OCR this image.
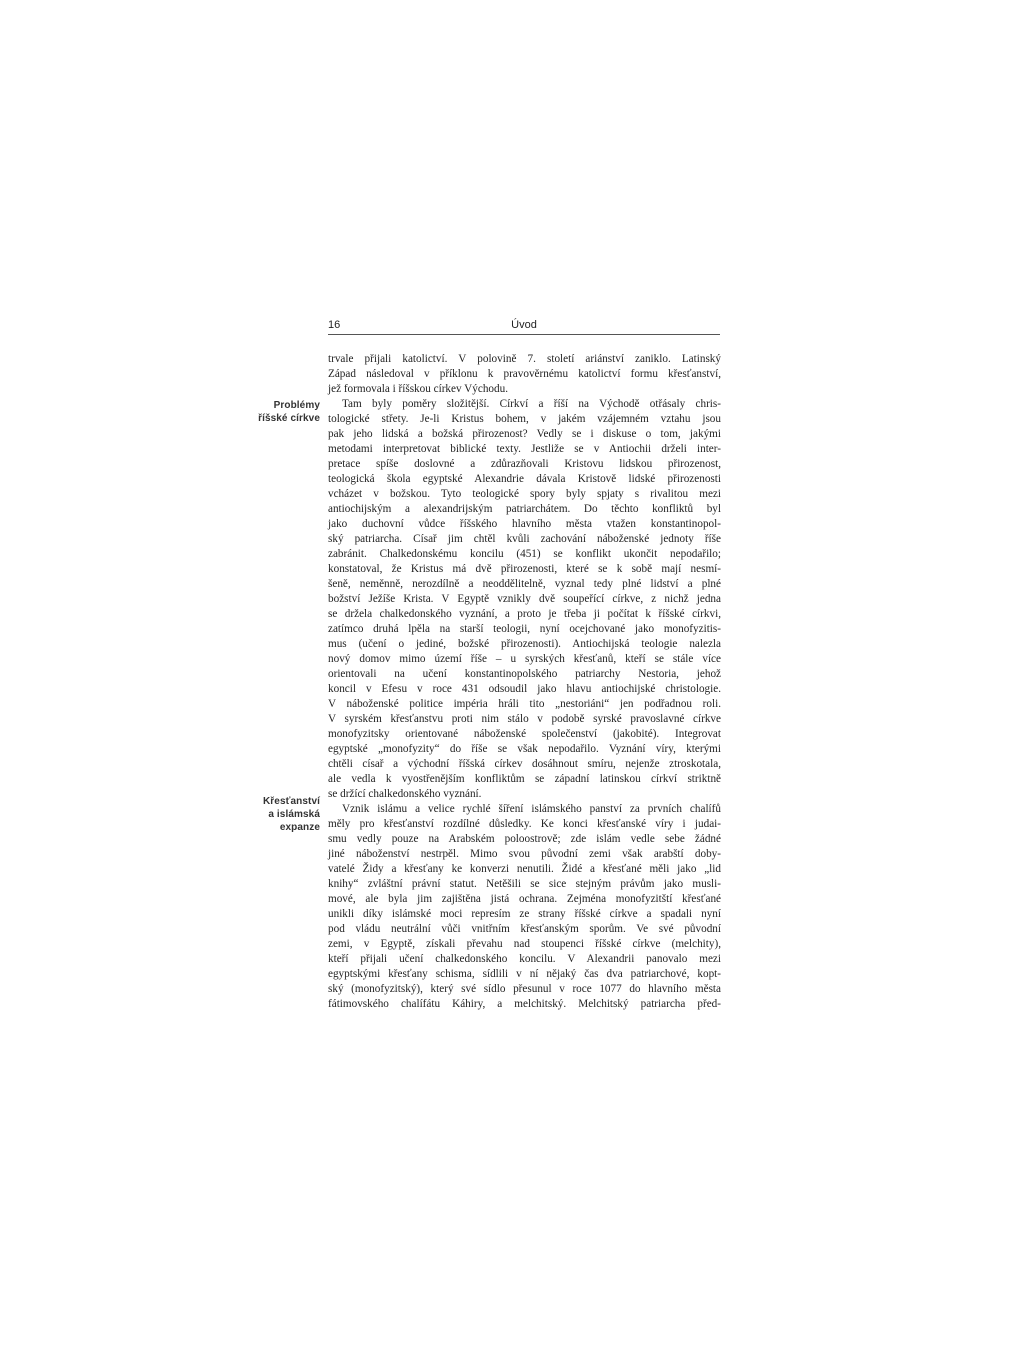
16	Úvod
Problémy
říšské církve
Křesťanství
a islámská
expanze
trvale přijali katolictví. V polovině 7. století ariánství zaniklo. Latinský
Západ následoval v příklonu k pravověrnému katolictví formu křesťanství,
jež formovala i říšskou církev Východu.
Tam byly poměry složitější. Církví a říší na Východě otřásaly chris-
tologické střety. Je-li Kristus bohem, v jakém vzájemném vztahu jsou
pak jeho lidská a božská přirozenost? Vedly se i diskuse o tom, jakými
metodami interpretovat biblické texty. Jestliže se v Antiochii drželi inter-
pretace spíše doslovné a zdůrazňovali Kristovu lidskou přirozenost,
teologická škola egyptské Alexandrie dávala Kristově lidské přirozenosti
vcházet v božskou. Tyto teologické spory byly spjaty s rivalitou mezi
antiochijským a alexandrijským patriarchátem. Do těchto konfliktů byl
jako duchovní vůdce říšského hlavního města vtažen konstantinopol-
ský patriarcha. Císař jim chtěl kvůli zachování náboženské jednoty říše
zabránit. Chalkedonskému koncilu (451) se konflikt ukončit nepodařilo;
konstatoval, že Kristus má dvě přirozenosti, které se k sobě mají nesmí-
šeně, neměnně, nerozdílně a neoddělitelně, vyznal tedy plné lidství a plné
božství Ježíše Krista. V Egyptě vznikly dvě soupeřící církve, z nichž jedna
se držela chalkedonského vyznání, a proto je třeba ji počítat k říšské církvi,
zatímco druhá lpěla na starší teologii, nyní ocejchované jako monofyzitis-
mus (učení o jediné, božské přirozenosti). Antiochijská teologie nalezla
nový domov mimo území říše – u syrských křesťanů, kteří se stále více
orientovali na učení konstantinopolského patriarchy Nestoria, jehož
koncil v Efesu v roce 431 odsoudil jako hlavu antiochijské christologie.
V náboženské politice impéria hráli tito „nestoriáni“ jen podřadnou roli.
V syrském křesťanstvu proti nim stálo v podobě syrské pravoslavné církve
monofyzitsky orientované náboženské společenství (jakobité). Integrovat
egyptské „monofyzity“ do říše se však nepodařilo. Vyznání víry, kterými
chtěli císař a východní říšská církev dosáhnout smíru, nejenže ztroskotala,
ale vedla k vyostřenějším konfliktům se západní latinskou církví striktně
se držící chalkedonského vyznání.
Vznik islámu a velice rychlé šíření islámského panství za prvních chalífů
měly pro křesťanství rozdílné důsledky. Ke konci křesťanské víry i judai-
smu vedly pouze na Arabském poloostrově; zde islám vedle sebe žádné
jiné náboženství nestrpěl. Mimo svou původní zemi však arabští doby-
vatelé Židy a křesťany ke konverzi nenutili. Židé a křesťané měli jako „lid
knihy“ zvláštní právní statut. Netěšili se sice stejným právům jako musli-
mové, ale byla jim zajištěna jistá ochrana. Zejména monofyzitští křesťané
unikli díky islámské moci represím ze strany říšské církve a spadali nyní
pod vládu neutrální vůči vnitřním křesťanským sporům. Ve své původní
zemi, v Egyptě, získali převahu nad stoupenci říšské církve (melchity),
kteří přijali učení chalkedonského koncilu. V Alexandrii panovalo mezi
egyptskými křesťany schisma, sídlili v ní nějaký čas dva patriarchové, kopt-
ský (monofyzitský), který své sídlo přesunul v roce 1077 do hlavního města
fátimovského chalífátu Káhiry, a melchitský. Melchitský patriarcha před-
